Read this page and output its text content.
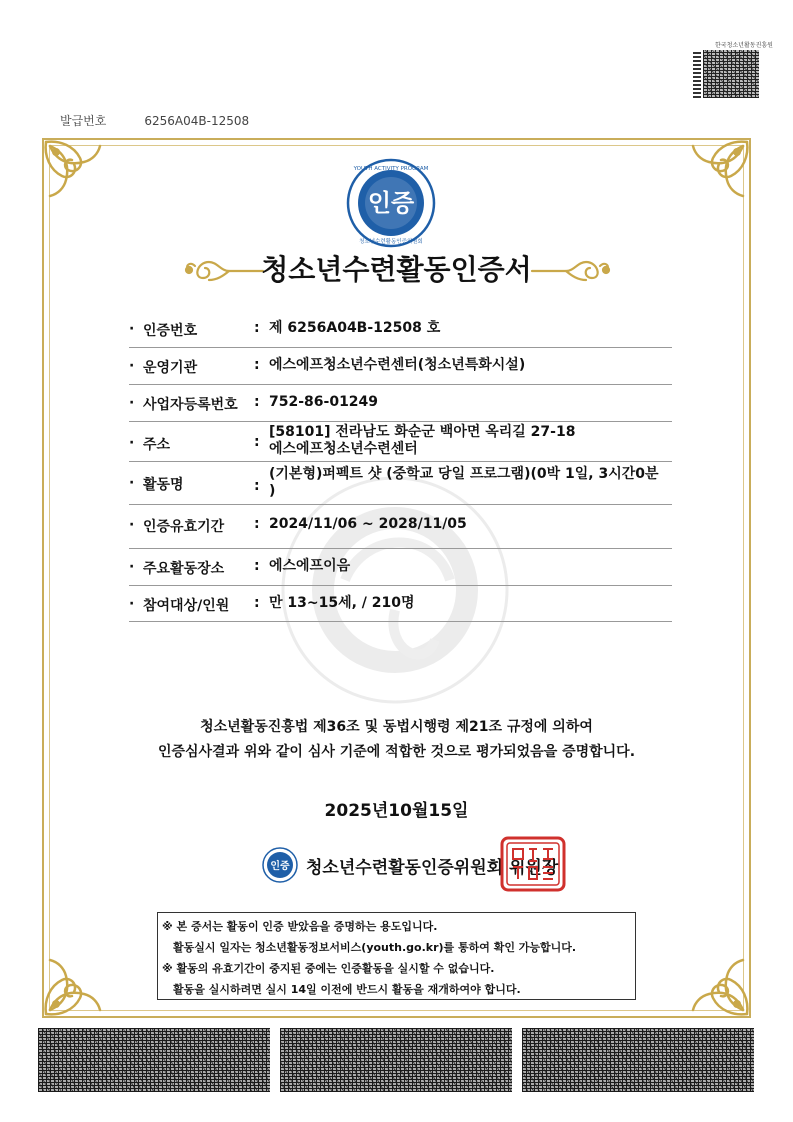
한국청소년활동진흥원
발급번호	6256A04B-12508
인증
YOUTH ACTIVITY PROGRAM
청소년수련활동인증위원회
청소년수련활동인증서
· 인증번호	: 제 6256A04B-12508 호
· 운영기관	: 에스에프청소년수련센터(청소년특화시설)
· 사업자등록번호 : 752-86-01249
· 주소	:
[58101] 전라남도 화순군 백아면 옥리길 27-18
에스에프청소년수련센터
· 활동명	:
(기본형)퍼펙트 샷 (중학교 당일 프로그램)(0박 1일, 3시간0분
)
· 인증유효기간 : 2024/11/06 ~ 2028/11/05
· 주요활동장소 : 에스에프이음
· 참여대상/인원 : 만 13~15세, / 210명
청소년활동진흥법 제36조 및 동법시행령 제21조 규정에 의하여
인증심사결과 위와 같이 심사 기준에 적합한 것으로 평가되었음을 증명합니다.
2025년10월15일
인증 청소년수련활동인증위원회 위원장
※ 본 증서는 활동이 인증 받았음을 증명하는 용도입니다.
활동실시 일자는 청소년활동정보서비스(youth.go.kr)를 통하여 확인 가능합니다.
※ 활동의 유효기간이 중지된 중에는 인증활동을 실시할 수 없습니다.
활동을 실시하려면 실시 14일 이전에 반드시 활동을 재개하여야 합니다.
